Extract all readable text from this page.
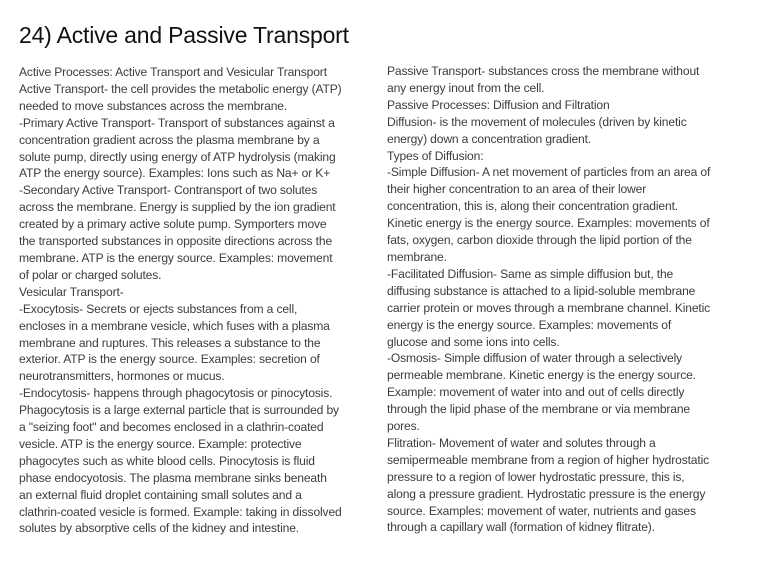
24) Active and Passive Transport
Active Processes: Active Transport and Vesicular Transport
Active Transport- the cell provides the metabolic energy (ATP)
needed to move substances across the membrane.
-Primary Active Transport- Transport of substances against a
concentration gradient across the plasma membrane by a
solute pump, directly using energy of ATP hydrolysis (making
ATP the energy source). Examples: Ions such as Na+ or K+
-Secondary Active Transport- Contransport of two solutes
across the membrane. Energy is supplied by the ion gradient
created by a primary active solute pump. Symporters move
the transported substances in opposite directions across the
membrane. ATP is the energy source. Examples: movement
of polar or charged solutes.
Vesicular Transport-
-Exocytosis- Secrets or ejects substances from a cell,
encloses in a membrane vesicle, which fuses with a plasma
membrane and ruptures. This releases a substance to the
exterior. ATP is the energy source. Examples: secretion of
neurotransmitters, hormones or mucus.
-Endocytosis- happens through phagocytosis or pinocytosis.
Phagocytosis is a large external particle that is surrounded by
a "seizing foot" and becomes enclosed in a clathrin-coated
vesicle. ATP is the energy source. Example: protective
phagocytes such as white blood cells. Pinocytosis is fluid
phase endocyotosis. The plasma membrane sinks beneath
an external fluid droplet containing small solutes and a
clathrin-coated vesicle is formed. Example: taking in dissolved
solutes by absorptive cells of the kidney and intestine.
Passive Transport- substances cross the membrane without
any energy inout from the cell.
Passive Processes: Diffusion and Filtration
Diffusion- is the movement of molecules (driven by kinetic
energy) down a concentration gradient.
Types of Diffusion:
-Simple Diffusion- A net movement of particles from an area of
their higher concentration to an area of their lower
concentration, this is, along their concentration gradient.
Kinetic energy is the energy source. Examples: movements of
fats, oxygen, carbon dioxide through the lipid portion of the
membrane.
-Facilitated Diffusion- Same as simple diffusion but, the
diffusing substance is attached to a lipid-soluble membrane
carrier protein or moves through a membrane channel. Kinetic
energy is the energy source. Examples: movements of
glucose and some ions into cells.
-Osmosis- Simple diffusion of water through a selectively
permeable membrane. Kinetic energy is the energy source.
Example: movement of water into and out of cells directly
through the lipid phase of the membrane or via membrane
pores.
Flitration- Movement of water and solutes through a
semipermeable membrane from a region of higher hydrostatic
pressure to a region of lower hydrostatic pressure, this is,
along a pressure gradient. Hydrostatic pressure is the energy
source. Examples: movement of water, nutrients and gases
through a capillary wall (formation of kidney flitrate).
